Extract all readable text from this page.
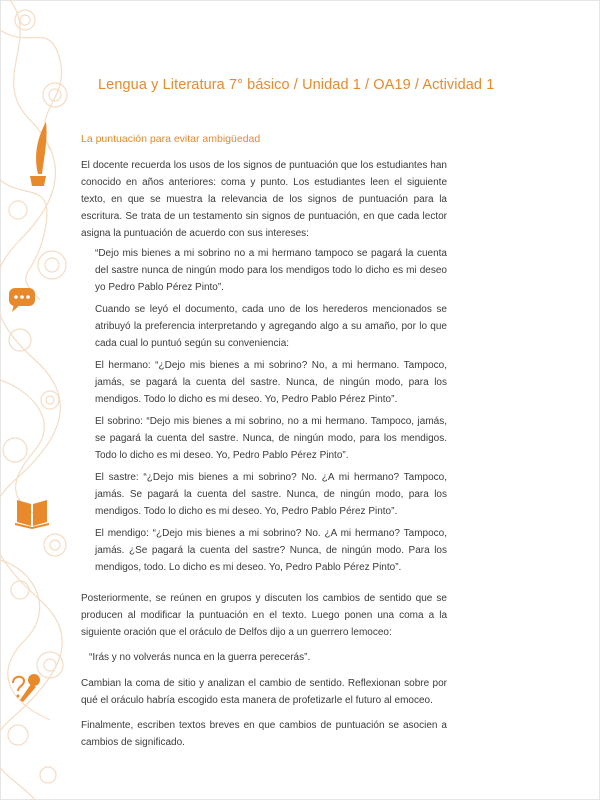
Lengua y Literatura 7° básico / Unidad 1 / OA19 / Actividad 1
La puntuación para evitar ambigüedad

El docente recuerda los usos de los signos de puntuación que los estudiantes han conocido en años anteriores: coma y punto. Los estudiantes leen el siguiente texto, en que se muestra la relevancia de los signos de puntuación para la escritura. Se trata de un testamento sin signos de puntuación, en que cada lector asigna la puntuación de acuerdo con sus intereses:

“Dejo mis bienes a mi sobrino no a mi hermano tampoco se pagará la cuenta del sastre nunca de ningún modo para los mendigos todo lo dicho es mi deseo yo Pedro Pablo Pérez Pinto”.

Cuando se leyó el documento, cada uno de los herederos mencionados se atribuyó la preferencia interpretando y agregando algo a su amaño, por lo que cada cual lo puntuó según su conveniencia:

El hermano: “¿Dejo mis bienes a mi sobrino? No, a mi hermano. Tampoco, jamás, se pagará la cuenta del sastre. Nunca, de ningún modo, para los mendigos. Todo lo dicho es mi deseo. Yo, Pedro Pablo Pérez Pinto”.

El sobrino: “Dejo mis bienes a mi sobrino, no a mi hermano. Tampoco, jamás, se pagará la cuenta del sastre. Nunca, de ningún modo, para los mendigos. Todo lo dicho es mi deseo. Yo, Pedro Pablo Pérez Pinto”.

El sastre: “¿Dejo mis bienes a mi sobrino? No. ¿A mi hermano? Tampoco, jamás. Se pagará la cuenta del sastre. Nunca, de ningún modo, para los mendigos. Todo lo dicho es mi deseo. Yo, Pedro Pablo Pérez Pinto”.

El mendigo: “¿Dejo mis bienes a mi sobrino? No. ¿A mi hermano? Tampoco, jamás. ¿Se pagará la cuenta del sastre? Nunca, de ningún modo. Para los mendigos, todo. Lo dicho es mi deseo. Yo, Pedro Pablo Pérez Pinto”.

Posteriormente, se reúnen en grupos y discuten los cambios de sentido que se producen al modificar la puntuación en el texto. Luego ponen una coma a la siguiente oración que el oráculo de Delfos dijo a un guerrero lemoceo:

“Irás y no volverás nunca en la guerra perecerás”.

Cambian la coma de sitio y analizan el cambio de sentido. Reflexionan sobre por qué el oráculo habría escogido esta manera de profetizarle el futuro al emoceo.

Finalmente, escriben textos breves en que cambios de puntuación se asocien a cambios de significado.
